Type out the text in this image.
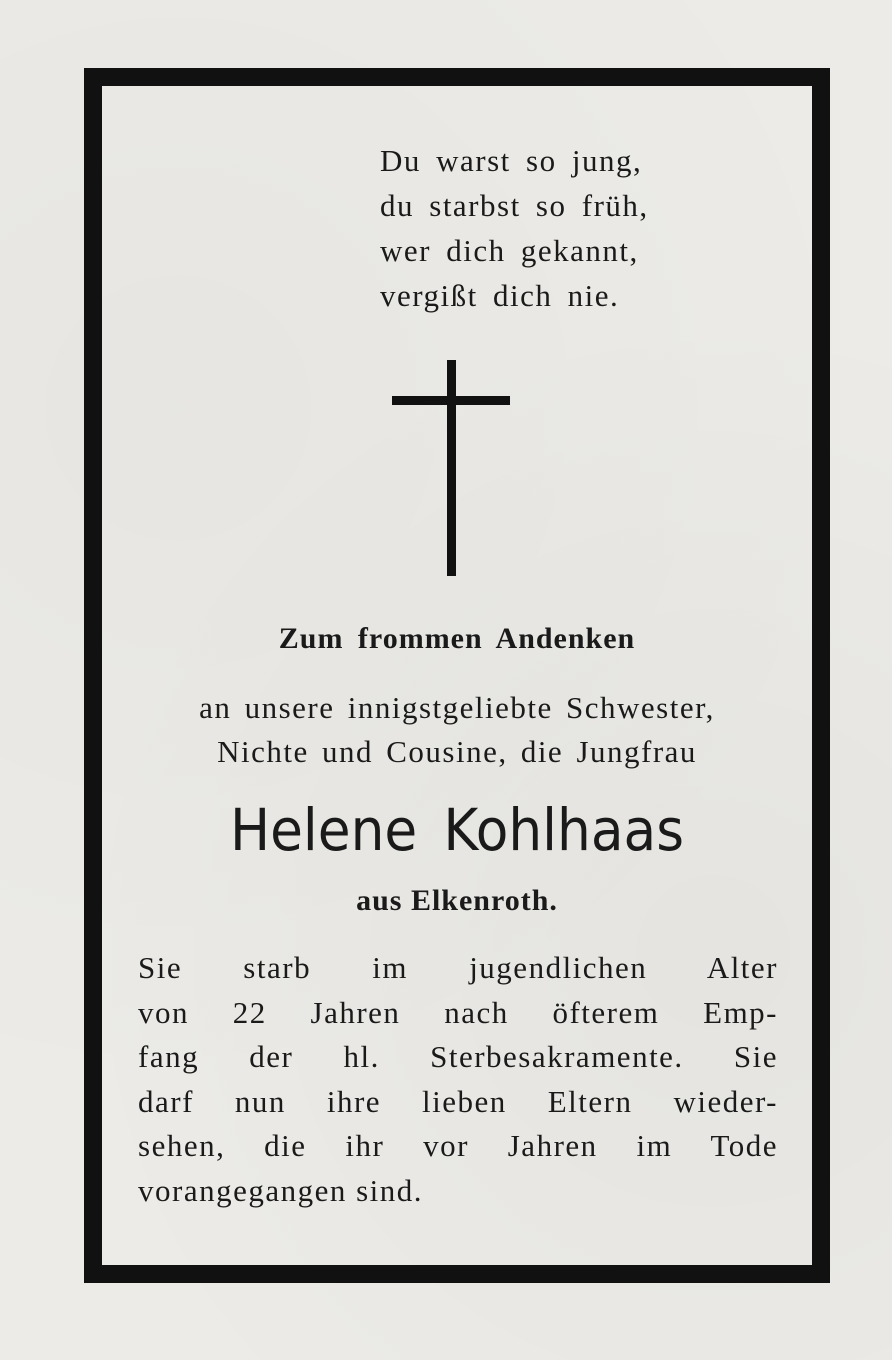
Du warst so jung,
du starbst so früh,
wer dich gekannt,
vergißt dich nie.
Zum frommen Andenken
an unsere innigstgeliebte Schwester,
Nichte und Cousine, die Jungfrau
Helene Kohlhaas
aus Elkenroth.
Sie starb im jugendlichen Alter
von 22 Jahren nach öfterem Emp-
fang der hl. Sterbesakramente. Sie
darf nun ihre lieben Eltern wieder-
sehen, die ihr vor Jahren im Tode
vorangegangen sind.
